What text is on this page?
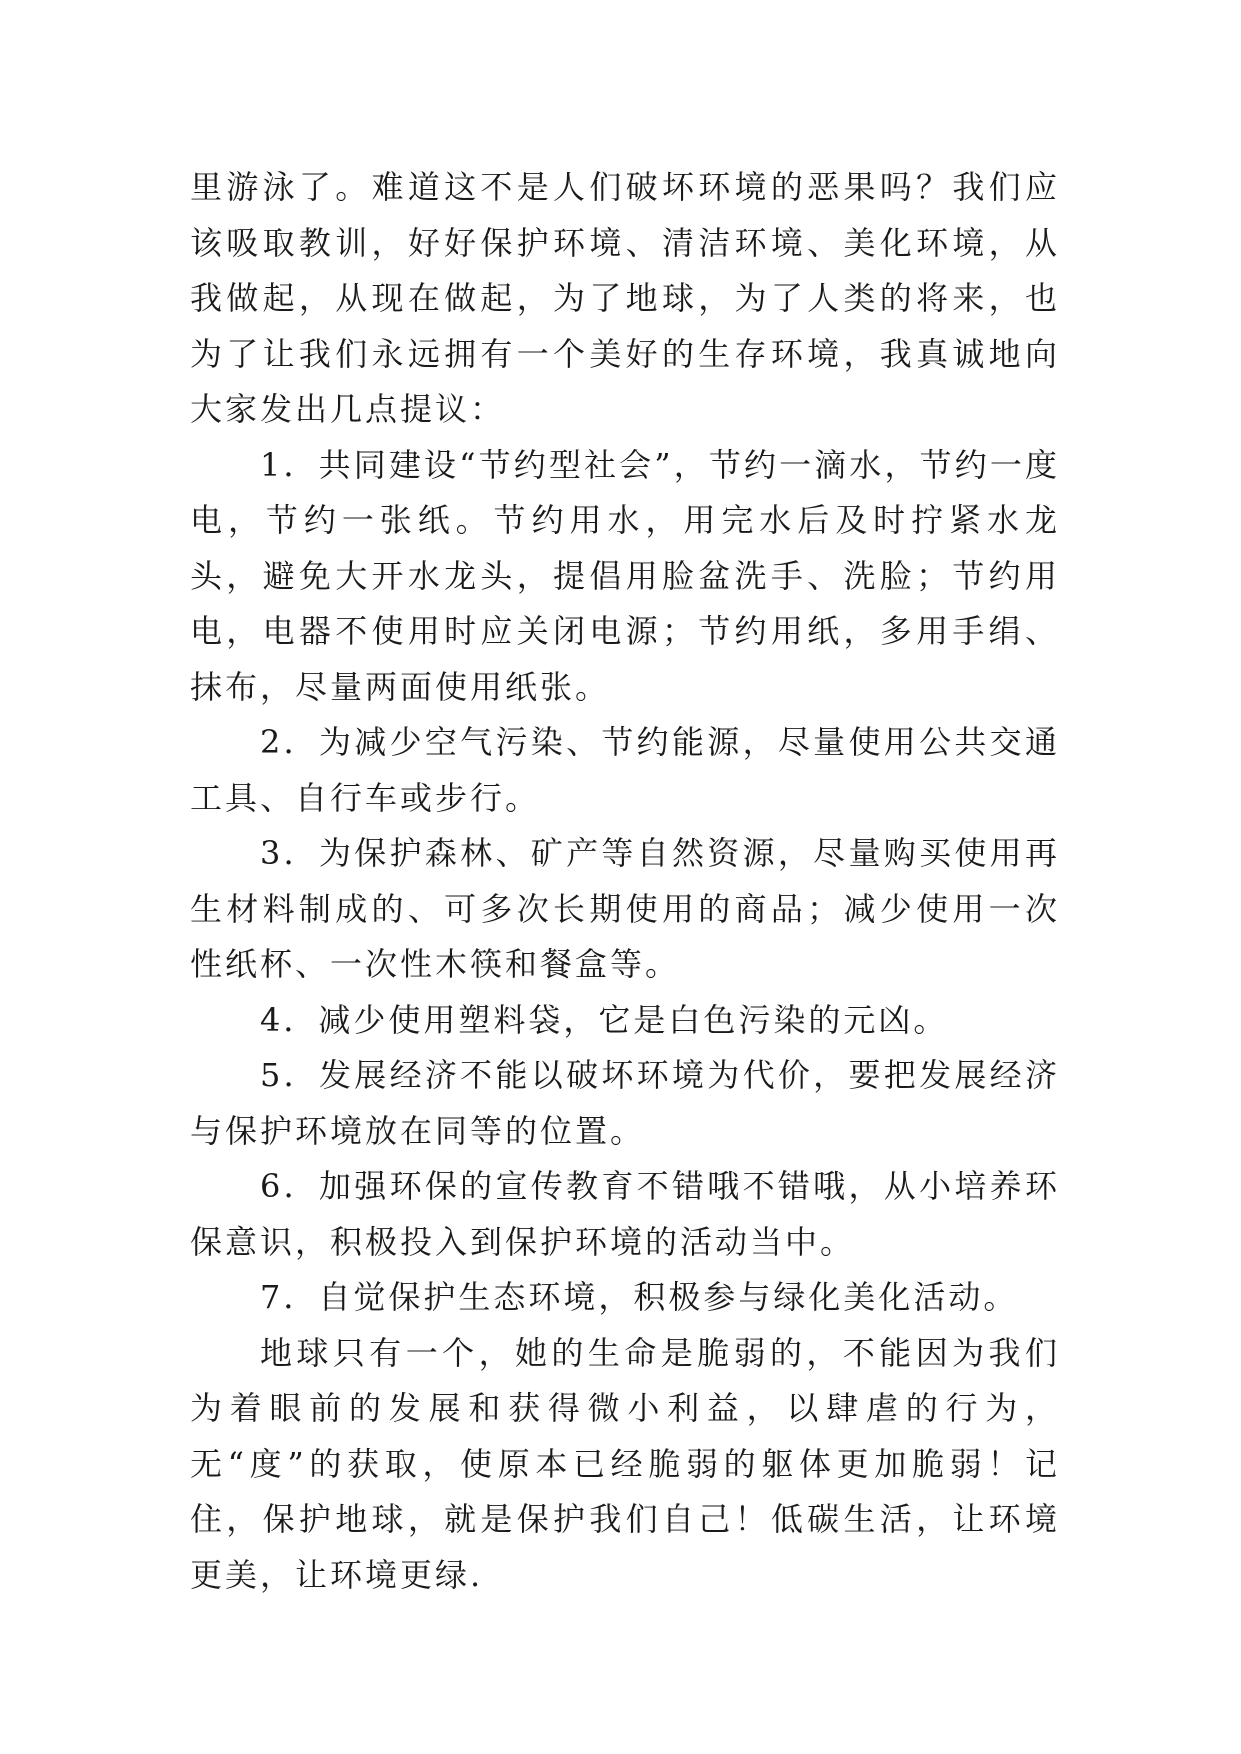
里游泳了。难道这不是人们破坏环境的恶果吗？我们应该吸取教训，好好保护环境、清洁环境、美化环境，从我做起，从现在做起，为了地球，为了人类的将来，也为了让我们永远拥有一个美好的生存环境，我真诚地向大家发出几点提议：

1．共同建设“节约型社会”，节约一滴水，节约一度电，节约一张纸。节约用水，用完水后及时拧紧水龙头，避免大开水龙头，提倡用脸盆洗手、洗脸；节约用电，电器不使用时应关闭电源；节约用纸，多用手绢、抹布，尽量两面使用纸张。

2．为减少空气污染、节约能源，尽量使用公共交通工具、自行车或步行。

3．为保护森林、矿产等自然资源，尽量购买使用再生材料制成的、可多次长期使用的商品；减少使用一次性纸杯、一次性木筷和餐盒等。

4．减少使用塑料袋，它是白色污染的元凶。

5．发展经济不能以破坏环境为代价，要把发展经济与保护环境放在同等的位置。

6．加强环保的宣传教育不错哦不错哦，从小培养环保意识，积极投入到保护环境的活动当中。

7．自觉保护生态环境，积极参与绿化美化活动。

地球只有一个，她的生命是脆弱的，不能因为我们为着眼前的发展和获得微小利益，以肆虐的行为，无“度”的获取，使原本已经脆弱的躯体更加脆弱！记住，保护地球，就是保护我们自己！低碳生活，让环境更美，让环境更绿.
